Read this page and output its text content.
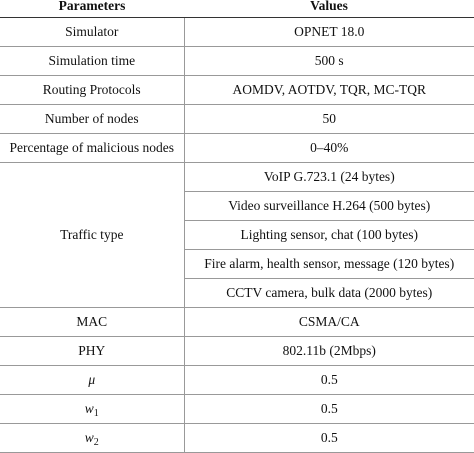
Parameters	Values
Simulator	OPNET 18.0
Simulation time	500 s
Routing Protocols	AOMDV, AOTDV, TQR, MC-TQR
Number of nodes	50
Percentage of malicious nodes	0–40%
Traffic type	VoIP G.723.1 (24 bytes)
	Video surveillance H.264 (500 bytes)
	Lighting sensor, chat (100 bytes)
	Fire alarm, health sensor, message (120 bytes)
	CCTV camera, bulk data (2000 bytes)
MAC	CSMA/CA
PHY	802.11b (2Mbps)
μ	0.5
$w_1$	0.5
$w_2$	0.5
